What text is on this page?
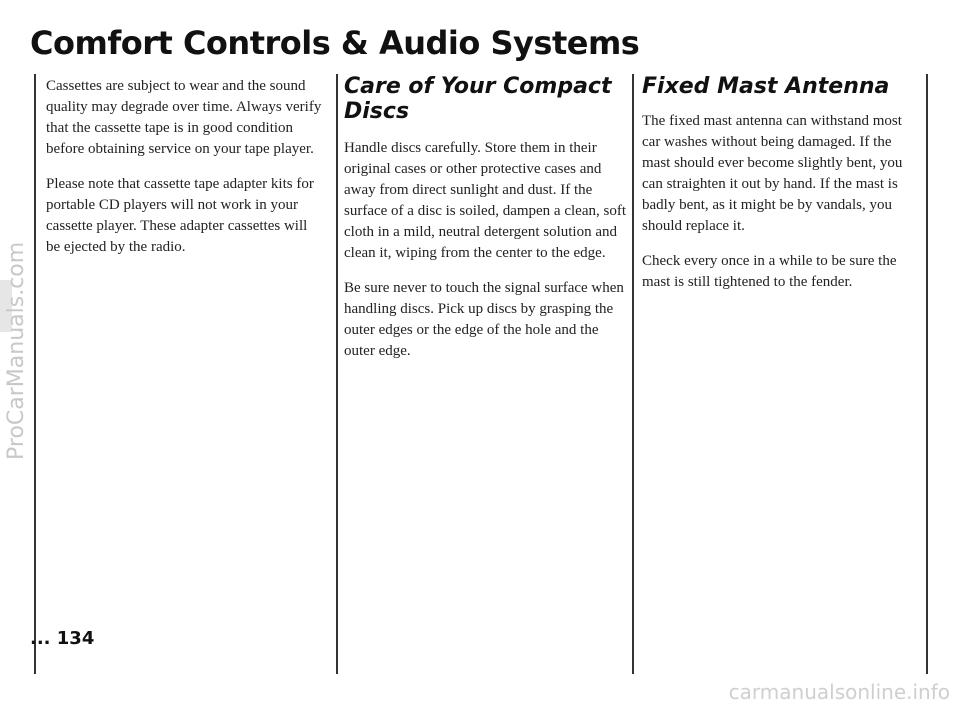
Comfort Controls & Audio Systems

Cassettes are subject to wear and the sound quality may degrade over time. Always verify that the cassette tape is in good condition before obtaining service on your tape player.

Please note that cassette tape adapter kits for portable CD players will not work in your cassette player. These adapter cassettes will be ejected by the radio.

Care of Your Compact Discs

Handle discs carefully. Store them in their original cases or other protective cases and away from direct sunlight and dust. If the surface of a disc is soiled, dampen a clean, soft cloth in a mild, neutral detergent solution and clean it, wiping from the center to the edge.

Be sure never to touch the signal surface when handling discs. Pick up discs by grasping the outer edges or the edge of the hole and the outer edge.

Fixed Mast Antenna

The fixed mast antenna can withstand most car washes without being damaged. If the mast should ever become slightly bent, you can straighten it out by hand. If the mast is badly bent, as it might be by vandals, you should replace it.

Check every once in a while to be sure the mast is still tightened to the fender.

... 134
ProCarManuals.com
carmanualsonline.info
